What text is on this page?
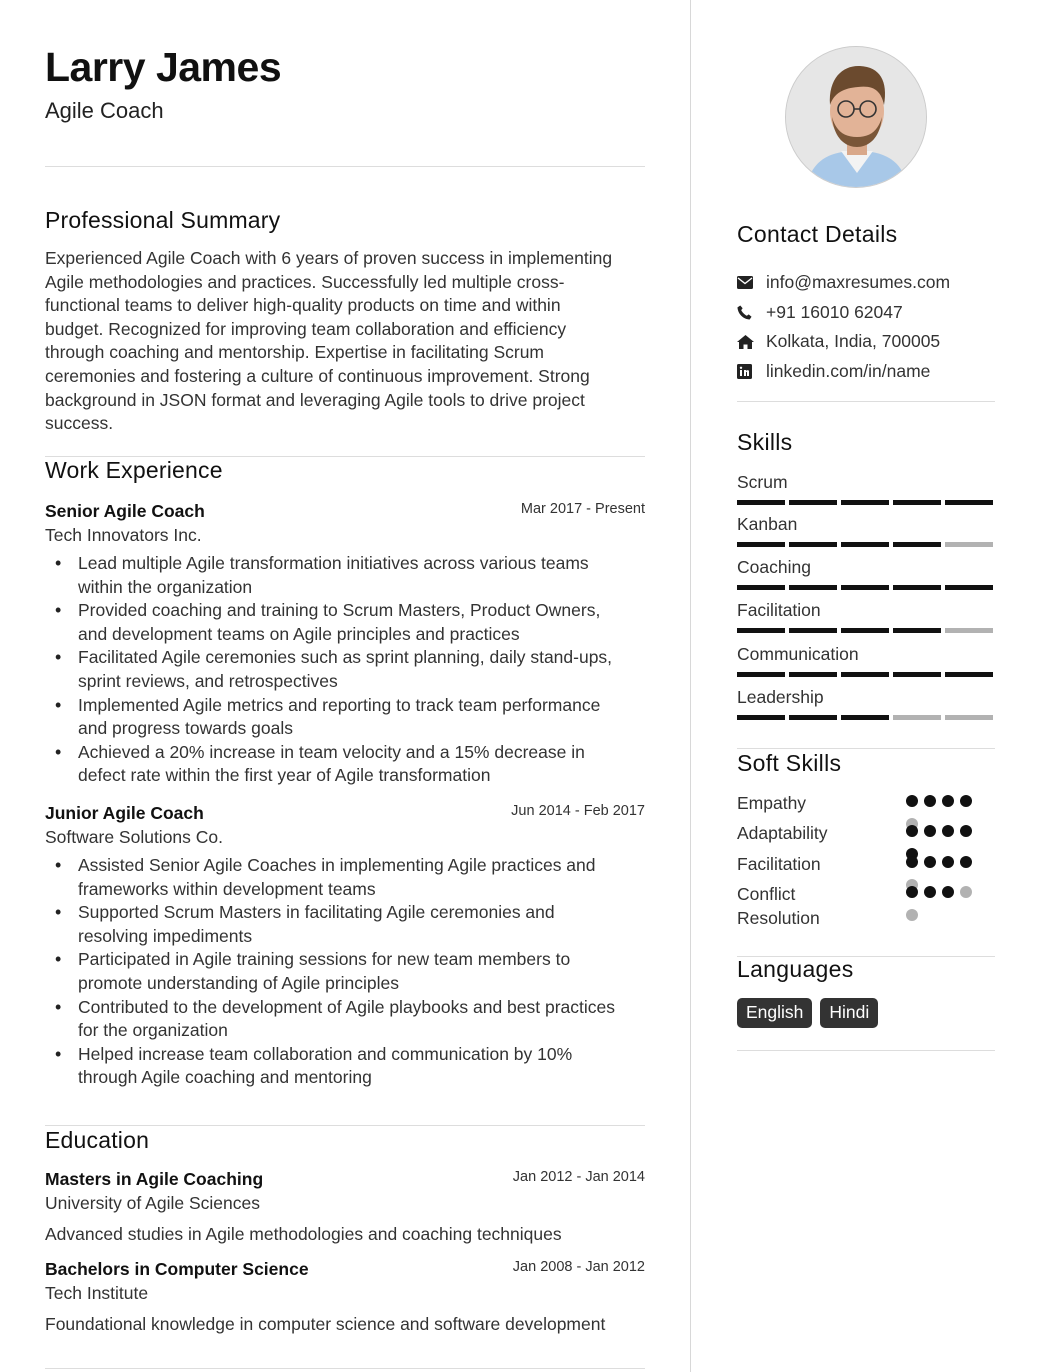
Larry James
Agile Coach
Professional Summary
Experienced Agile Coach with 6 years of proven success in implementing
Agile methodologies and practices. Successfully led multiple cross-
functional teams to deliver high-quality products on time and within
budget. Recognized for improving team collaboration and efficiency
through coaching and mentorship. Expertise in facilitating Scrum
ceremonies and fostering a culture of continuous improvement. Strong
background in JSON format and leveraging Agile tools to drive project
success.
Work Experience
Senior Agile Coach	Mar 2017 - Present
Tech Innovators Inc.
• Lead multiple Agile transformation initiatives across various teams
within the organization
• Provided coaching and training to Scrum Masters, Product Owners,
and development teams on Agile principles and practices
• Facilitated Agile ceremonies such as sprint planning, daily stand-ups,
sprint reviews, and retrospectives
• Implemented Agile metrics and reporting to track team performance
and progress towards goals
• Achieved a 20% increase in team velocity and a 15% decrease in
defect rate within the first year of Agile transformation
Junior Agile Coach	Jun 2014 - Feb 2017
Software Solutions Co.
• Assisted Senior Agile Coaches in implementing Agile practices and
frameworks within development teams
• Supported Scrum Masters in facilitating Agile ceremonies and
resolving impediments
• Participated in Agile training sessions for new team members to
promote understanding of Agile principles
• Contributed to the development of Agile playbooks and best practices
for the organization
• Helped increase team collaboration and communication by 10%
through Agile coaching and mentoring
Education
Masters in Agile Coaching	Jan 2012 - Jan 2014
University of Agile Sciences
Advanced studies in Agile methodologies and coaching techniques
Bachelors in Computer Science	Jan 2008 - Jan 2012
Tech Institute
Foundational knowledge in computer science and software development
Contact Details
info@maxresumes.com
+91 16010 62047
Kolkata, India, 700005
linkedin.com/in/name
Skills
Scrum
Kanban
Coaching
Facilitation
Communication
Leadership
Soft Skills
Empathy
Adaptability
Facilitation
Conflict Resolution
Languages
English	Hindi
